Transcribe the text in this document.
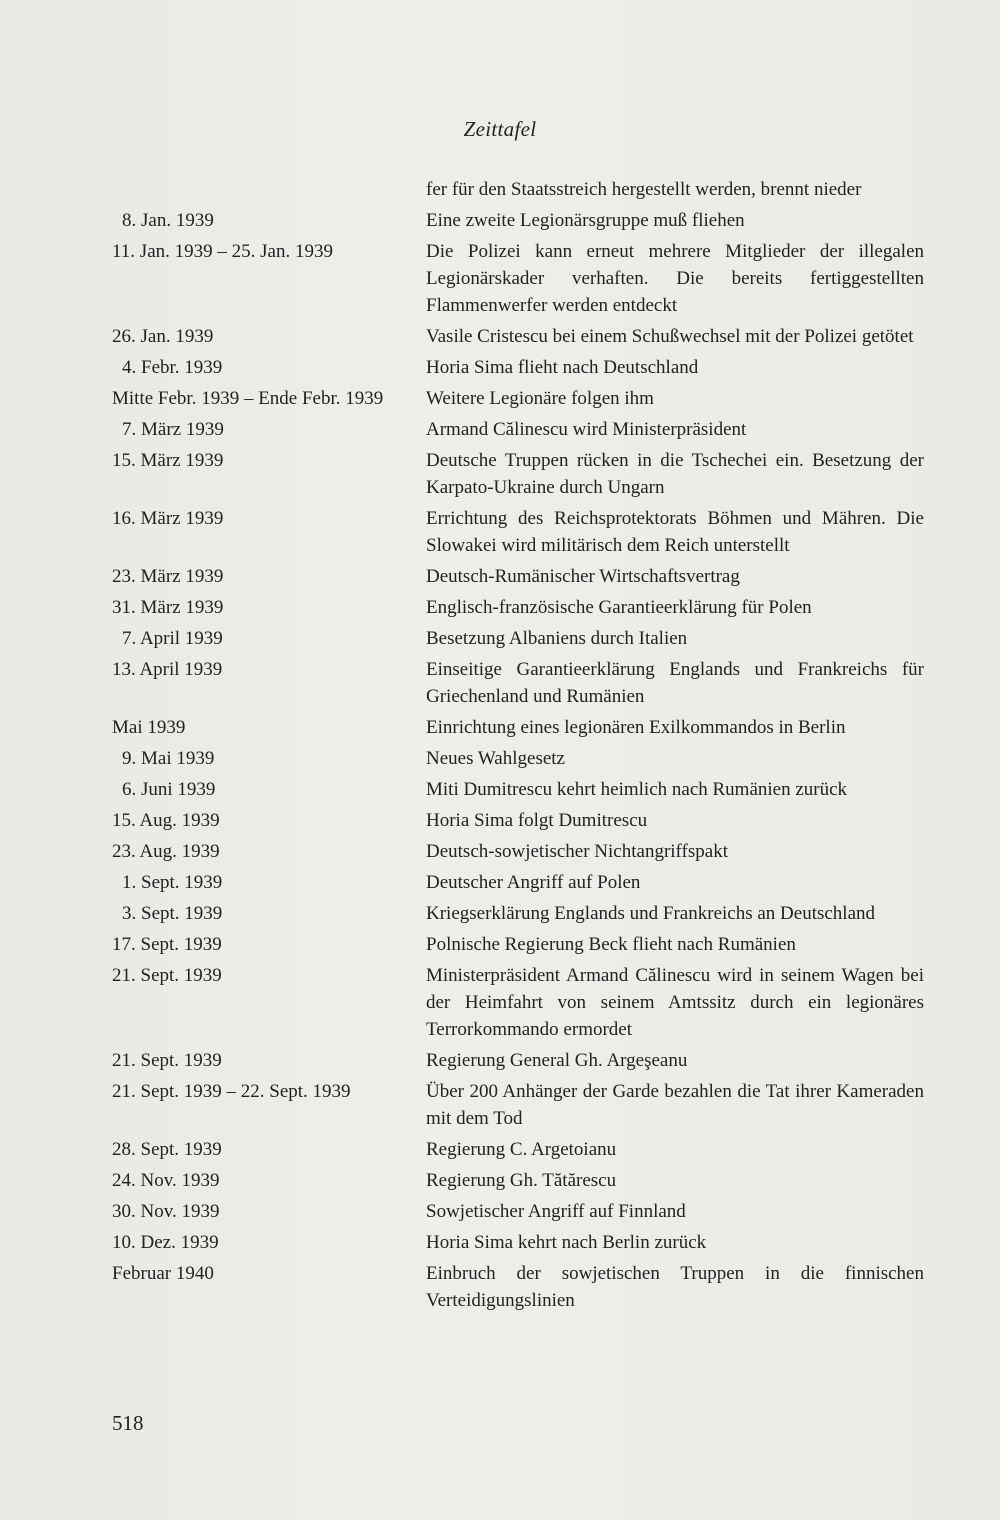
Zeittafel
fer für den Staatsstreich hergestellt werden, brennt nieder
8. Jan. 1939	Eine zweite Legionärsgruppe muß fliehen
11. Jan. 1939 – 25. Jan. 1939	Die Polizei kann erneut mehrere Mitglieder der illegalen Legionärskader verhaften. Die bereits fertiggestellten Flammenwerfer werden entdeckt
26. Jan. 1939	Vasile Cristescu bei einem Schußwechsel mit der Polizei getötet
4. Febr. 1939	Horia Sima flieht nach Deutschland
Mitte Febr. 1939 – Ende Febr. 1939	Weitere Legionäre folgen ihm
7. März 1939	Armand Călinescu wird Ministerpräsident
15. März 1939	Deutsche Truppen rücken in die Tschechei ein. Besetzung der Karpato-Ukraine durch Ungarn
16. März 1939	Errichtung des Reichsprotektorats Böhmen und Mähren. Die Slowakei wird militärisch dem Reich unterstellt
23. März 1939	Deutsch-Rumänischer Wirtschaftsvertrag
31. März 1939	Englisch-französische Garantieerklärung für Polen
7. April 1939	Besetzung Albaniens durch Italien
13. April 1939	Einseitige Garantieerklärung Englands und Frankreichs für Griechenland und Rumänien
Mai 1939	Einrichtung eines legionären Exilkommandos in Berlin
9. Mai 1939	Neues Wahlgesetz
6. Juni 1939	Miti Dumitrescu kehrt heimlich nach Rumänien zurück
15. Aug. 1939	Horia Sima folgt Dumitrescu
23. Aug. 1939	Deutsch-sowjetischer Nichtangriffspakt
1. Sept. 1939	Deutscher Angriff auf Polen
3. Sept. 1939	Kriegserklärung Englands und Frankreichs an Deutschland
17. Sept. 1939	Polnische Regierung Beck flieht nach Rumänien
21. Sept. 1939	Ministerpräsident Armand Călinescu wird in seinem Wagen bei der Heimfahrt von seinem Amtssitz durch ein legionäres Terrorkommando ermordet
21. Sept. 1939	Regierung General Gh. Argeşeanu
21. Sept. 1939 – 22. Sept. 1939	Über 200 Anhänger der Garde bezahlen die Tat ihrer Kameraden mit dem Tod
28. Sept. 1939	Regierung C. Argetoianu
24. Nov. 1939	Regierung Gh. Tătărescu
30. Nov. 1939	Sowjetischer Angriff auf Finnland
10. Dez. 1939	Horia Sima kehrt nach Berlin zurück
Februar 1940	Einbruch der sowjetischen Truppen in die finnischen Verteidigungslinien
518
